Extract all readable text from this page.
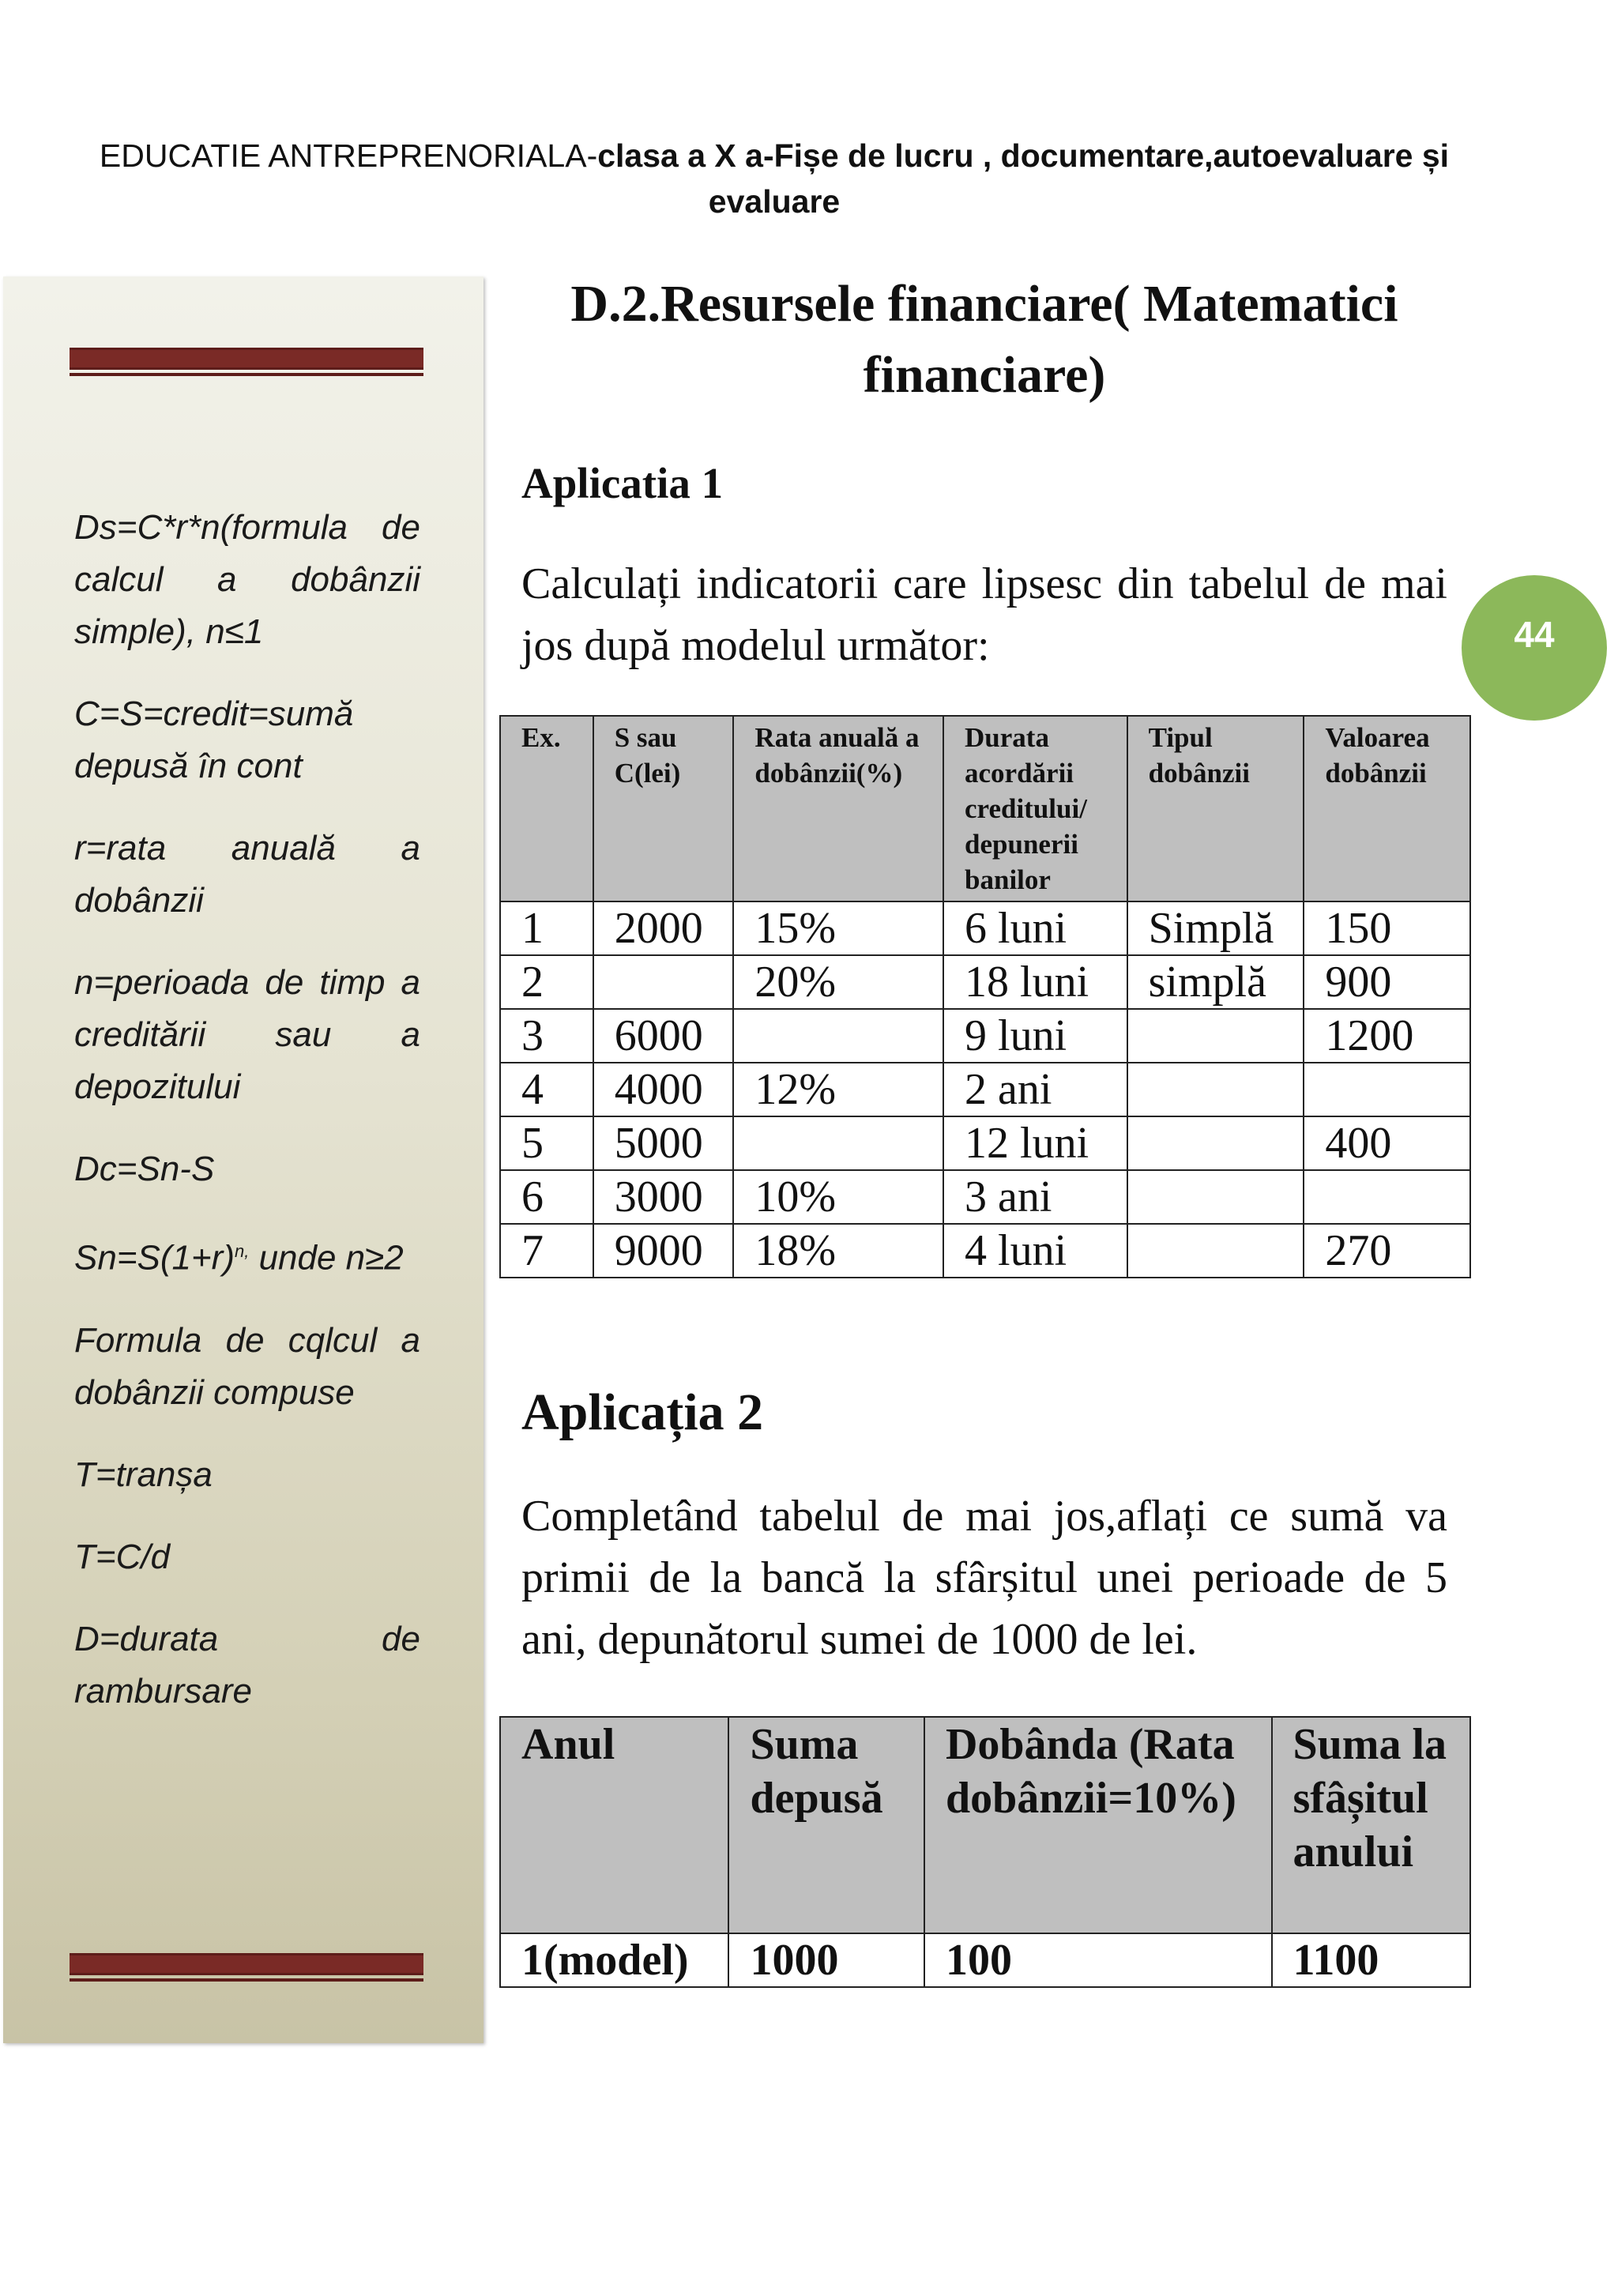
EDUCATIE ANTREPRENORIALA-clasa a X a-Fișe de lucru , documentare,autoevaluare și evaluare

Ds=C*r*n(formula de calcul a dobânzii simple), n≤1

C=S=credit=sumă depusă în cont

r=rata anuală a dobânzii

n=perioada de timp a creditării sau a depozitului

Dc=Sn-S

$Sn=S(1+r)^{n,}$ unde n≥2

Formula de cqlcul a dobânzii compuse

T=tranșa

T=C/d

D=durata de rambursare

44
D.2.Resursele financiare( Matematici financiare)
Aplicatia 1

Calculați indicatorii care lipsesc din tabelul de mai jos după modelul următor:

Ex.	S sau C(lei)	Rata anuală a dobânzii(%)	Durata acordării creditului/ depunerii banilor	Tipul dobânzii	Valoarea dobânzii
1	2000	15%	6 luni	Simplă	150
2		20%	18 luni	simplă	900
3	6000		9 luni		1200
4	4000	12%	2 ani		
5	5000		12 luni		400
6	3000	10%	3 ani		
7	9000	18%	4 luni		270
Aplicația 2

Completând tabelul de mai jos,aflați ce sumă va primii de la bancă la sfârșitul unei perioade de 5 ani, depunătorul sumei de 1000 de lei.

Anul	Suma depusă	Dobânda (Rata dobânzii=10%)	Suma la sfâșitul anului
1(model)	1000	100	1100
